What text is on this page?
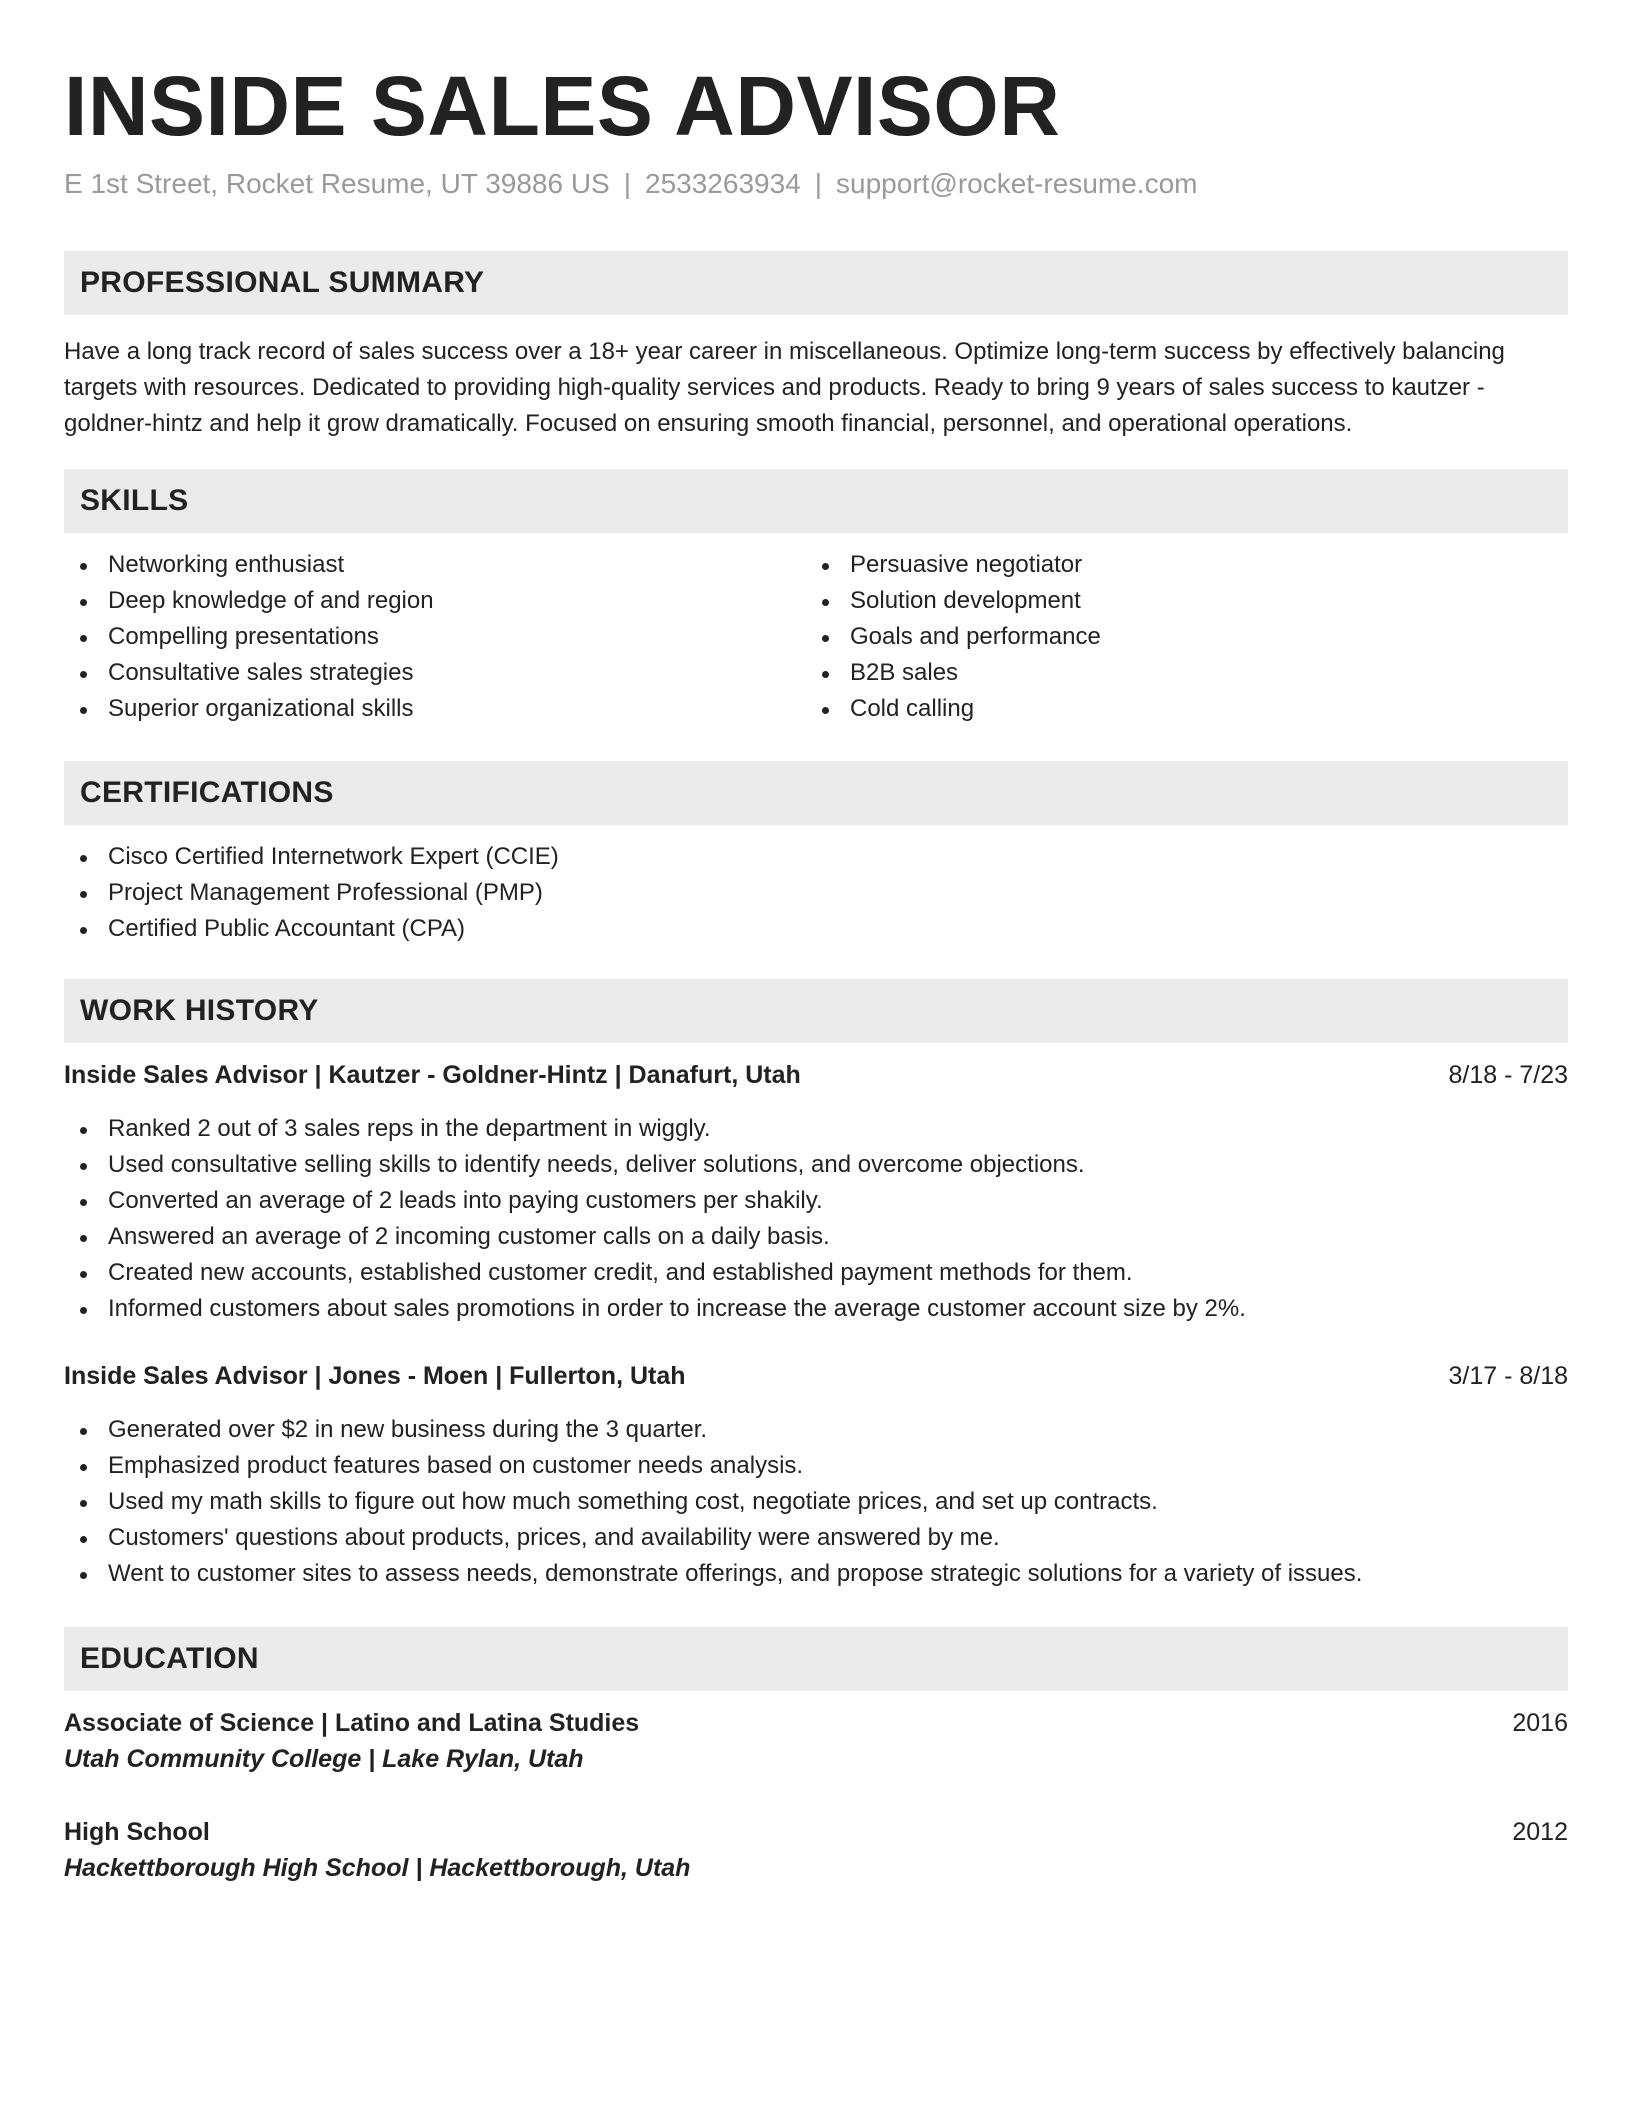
INSIDE SALES ADVISOR
E 1st Street, Rocket Resume, UT 39886 US | 2533263934 | support@rocket-resume.com
PROFESSIONAL SUMMARY

Have a long track record of sales success over a 18+ year career in miscellaneous. Optimize long-term success by effectively balancing targets with resources. Dedicated to providing high-quality services and products. Ready to bring 9 years of sales success to kautzer - goldner-hintz and help it grow dramatically. Focused on ensuring smooth financial, personnel, and operational operations.

SKILLS
Networking enthusiast
Deep knowledge of and region
Compelling presentations
Consultative sales strategies
Superior organizational skills
Persuasive negotiator
Solution development
Goals and performance
B2B sales
Cold calling
CERTIFICATIONS
Cisco Certified Internetwork Expert (CCIE)
Project Management Professional (PMP)
Certified Public Accountant (CPA)
WORK HISTORY
Inside Sales Advisor | Kautzer - Goldner-Hintz | Danafurt, Utah	8/18 - 7/23
Ranked 2 out of 3 sales reps in the department in wiggly.
Used consultative selling skills to identify needs, deliver solutions, and overcome objections.
Converted an average of 2 leads into paying customers per shakily.
Answered an average of 2 incoming customer calls on a daily basis.
Created new accounts, established customer credit, and established payment methods for them.
Informed customers about sales promotions in order to increase the average customer account size by 2%.
Inside Sales Advisor | Jones - Moen | Fullerton, Utah	3/17 - 8/18
Generated over $2 in new business during the 3 quarter.
Emphasized product features based on customer needs analysis.
Used my math skills to figure out how much something cost, negotiate prices, and set up contracts.
Customers' questions about products, prices, and availability were answered by me.
Went to customer sites to assess needs, demonstrate offerings, and propose strategic solutions for a variety of issues.
EDUCATION
Associate of Science | Latino and Latina Studies	2016
Utah Community College | Lake Rylan, Utah
High School	2012
Hackettborough High School | Hackettborough, Utah
